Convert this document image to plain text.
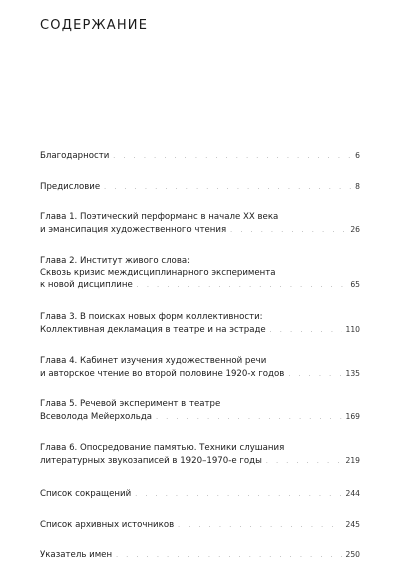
СОДЕРЖАНИЕ
Благодарности . . .	6
Предисловие . . .	8
Глава 1. Поэтический перформанс в начале XX века
и эмансипация художественного чтения . . .	26
Глава 2. Институт живого слова:
Сквозь кризис междисциплинарного эксперимента
к новой дисциплине . . .	65
Глава 3. В поисках новых форм коллективности:
Коллективная декламация в театре и на эстраде . . .	110
Глава 4. Кабинет изучения художественной речи
и авторское чтение во второй половине 1920-х годов . . .	135
Глава 5. Речевой эксперимент в театре
Всеволода Мейерхольда . . .	169
Глава 6. Опосредование памятью. Техники слушания
литературных звукозаписей в 1920–1970-е годы . . .	219
Список сокращений . . .	244
Список архивных источников . . .	245
Указатель имен . . .	250
